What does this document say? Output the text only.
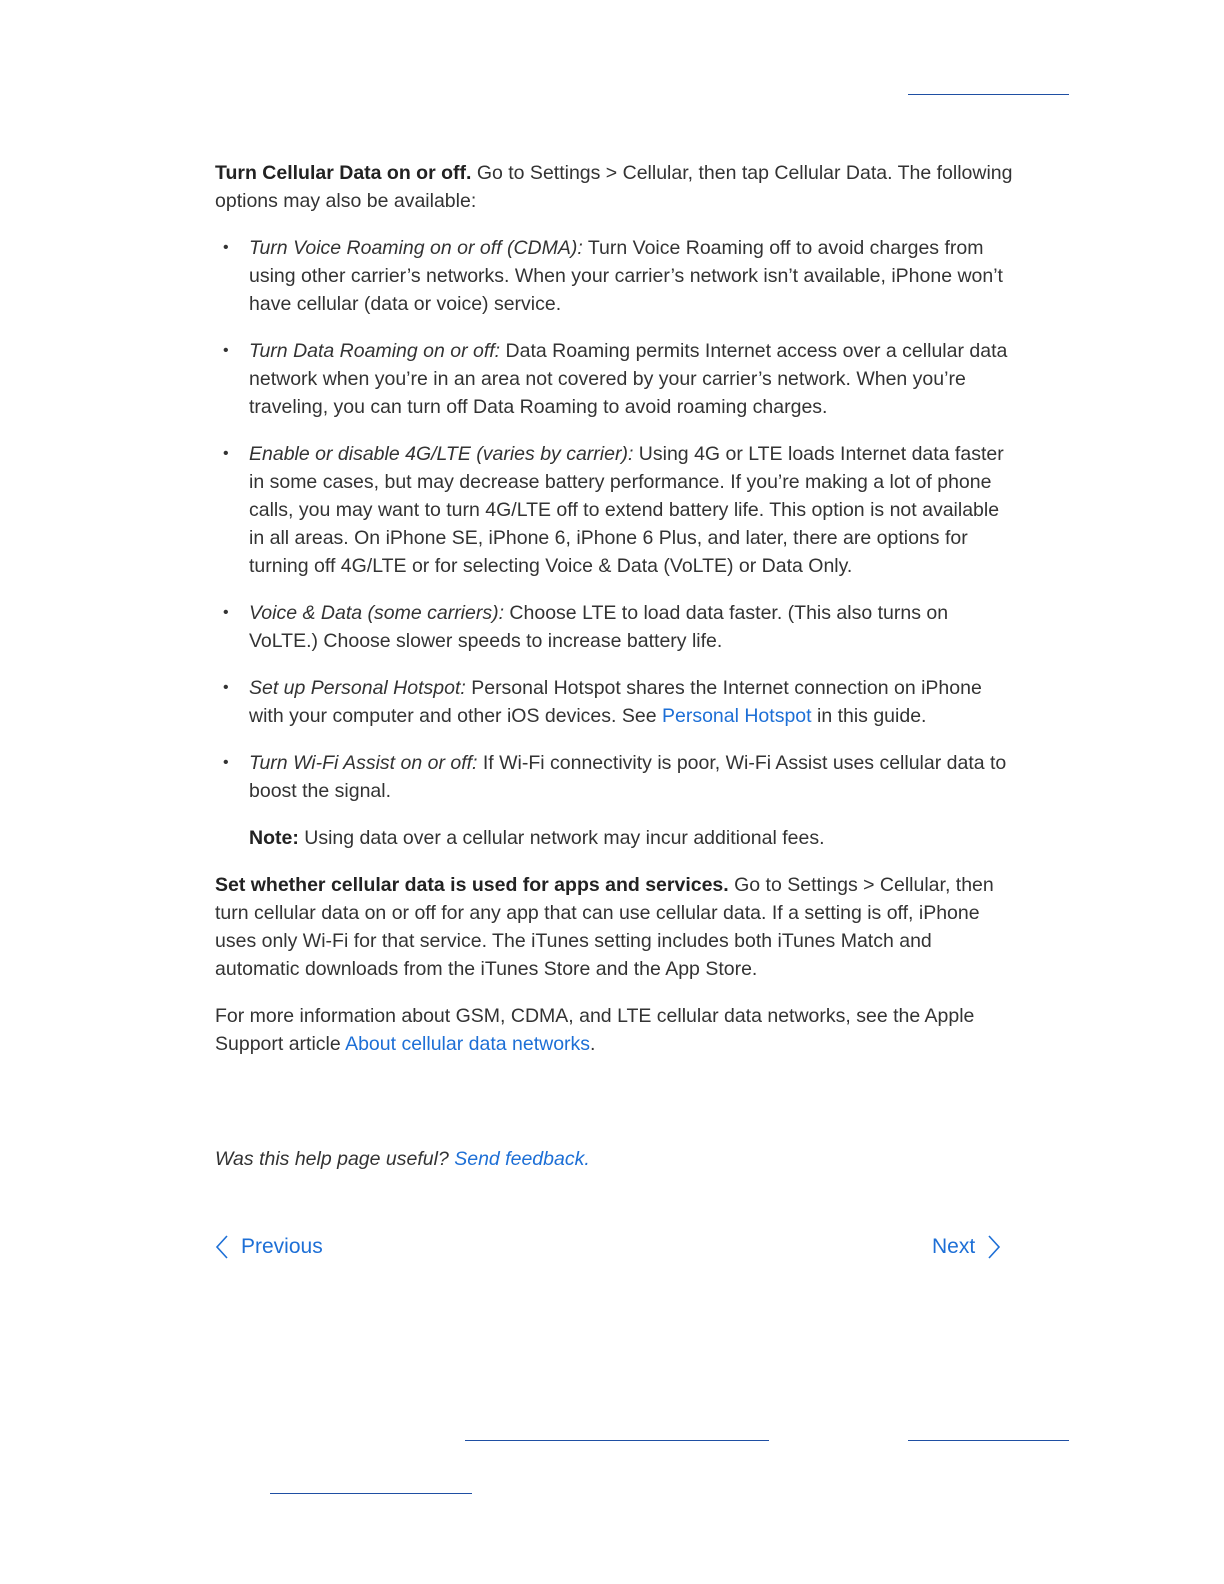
Turn Cellular Data on or off. Go to Settings > Cellular, then tap Cellular Data. The following options may also be available:

• Turn Voice Roaming on or off (CDMA): Turn Voice Roaming off to avoid charges from using other carrier’s networks. When your carrier’s network isn’t available, iPhone won’t have cellular (data or voice) service.
• Turn Data Roaming on or off: Data Roaming permits Internet access over a cellular data network when you’re in an area not covered by your carrier’s network. When you’re traveling, you can turn off Data Roaming to avoid roaming charges.
• Enable or disable 4G/LTE (varies by carrier): Using 4G or LTE loads Internet data faster in some cases, but may decrease battery performance. If you’re making a lot of phone calls, you may want to turn 4G/LTE off to extend battery life. This option is not available in all areas. On iPhone SE, iPhone 6, iPhone 6 Plus, and later, there are options for turning off 4G/LTE or for selecting Voice & Data (VoLTE) or Data Only.
• Voice & Data (some carriers): Choose LTE to load data faster. (This also turns on VoLTE.) Choose slower speeds to increase battery life.
• Set up Personal Hotspot: Personal Hotspot shares the Internet connection on iPhone with your computer and other iOS devices. See Personal Hotspot in this guide.
• Turn Wi-Fi Assist on or off: If Wi-Fi connectivity is poor, Wi-Fi Assist uses cellular data to boost the signal.

Note: Using data over a cellular network may incur additional fees.

Set whether cellular data is used for apps and services. Go to Settings > Cellular, then turn cellular data on or off for any app that can use cellular data. If a setting is off, iPhone uses only Wi-Fi for that service. The iTunes setting includes both iTunes Match and automatic downloads from the iTunes Store and the App Store.

For more information about GSM, CDMA, and LTE cellular data networks, see the Apple Support article About cellular data networks.

Was this help page useful? Send feedback.

Previous	Next
